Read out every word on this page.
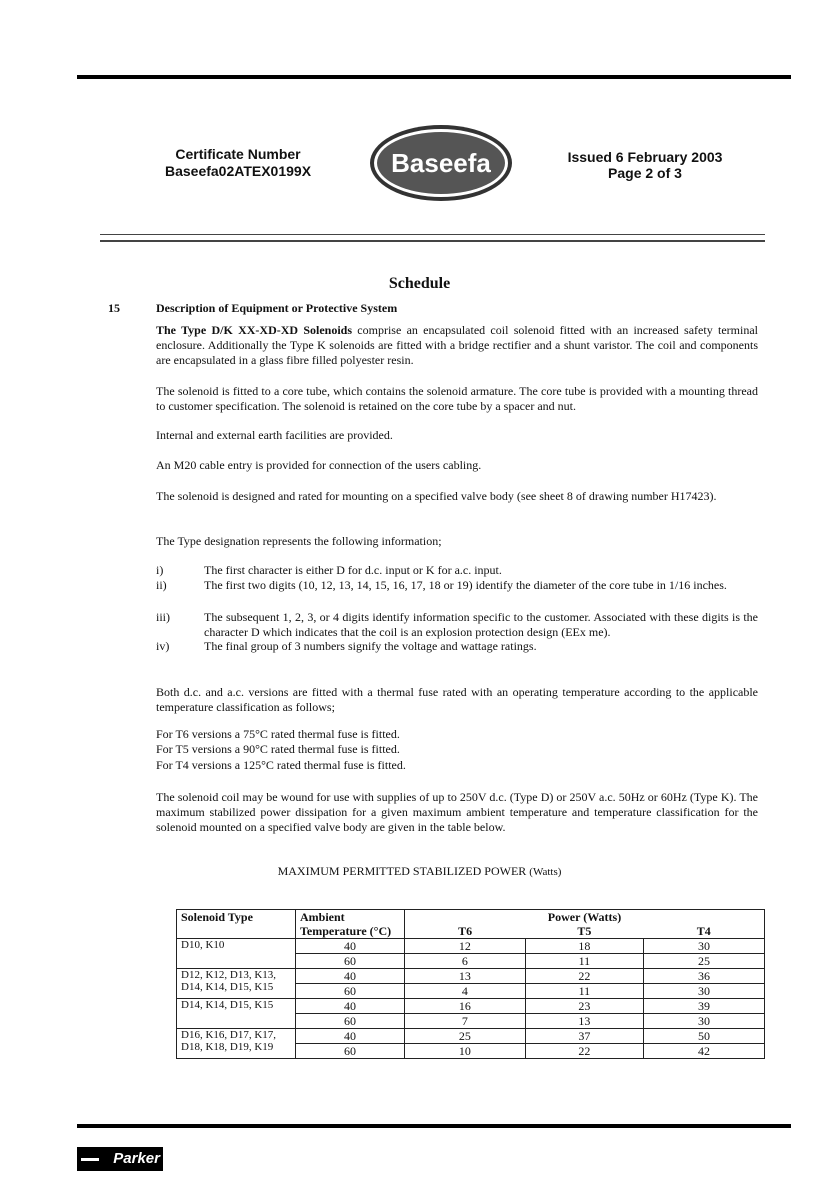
Certificate Number
Baseefa02ATEX0199X	Baseefa	Issued 6 February 2003
Page 2 of 3
Schedule
15	Description of Equipment or Protective System
The Type D/K XX-XD-XD Solenoids comprise an encapsulated coil solenoid fitted with an increased safety terminal enclosure. Additionally the Type K solenoids are fitted with a bridge rectifier and a shunt varistor. The coil and components are encapsulated in a glass fibre filled polyester resin.
The solenoid is fitted to a core tube, which contains the solenoid armature. The core tube is provided with a mounting thread to customer specification. The solenoid is retained on the core tube by a spacer and nut.
Internal and external earth facilities are provided.
An M20 cable entry is provided for connection of the users cabling.
The solenoid is designed and rated for mounting on a specified valve body (see sheet 8 of drawing number H17423).
The Type designation represents the following information;
i)	The first character is either D for d.c. input or K for a.c. input.
ii)	The first two digits (10, 12, 13, 14, 15, 16, 17, 18 or 19) identify the diameter of the core tube in 1/16 inches.
iii)	The subsequent 1, 2, 3, or 4 digits identify information specific to the customer. Associated with these digits is the character D which indicates that the coil is an explosion protection design (EEx me).
iv)	The final group of 3 numbers signify the voltage and wattage ratings.
Both d.c. and a.c. versions are fitted with a thermal fuse rated with an operating temperature according to the applicable temperature classification as follows;
For T6 versions a 75°C rated thermal fuse is fitted.
For T5 versions a 90°C rated thermal fuse is fitted.
For T4 versions a 125°C rated thermal fuse is fitted.
The solenoid coil may be wound for use with supplies of up to 250V d.c. (Type D) or 250V a.c. 50Hz or 60Hz (Type K). The maximum stabilized power dissipation for a given maximum ambient temperature and temperature classification for the solenoid mounted on a specified valve body are given in the table below.
MAXIMUM PERMITTED STABILIZED POWER (Watts)
Solenoid Type	Ambient	Power (Watts)		
	Temperature (°C)	T6	T5	T4
D10, K10	40	12	18	30
	60	6	11	25
D12, K12, D13, K13, D14, K14, D15, K15	40	13	22	36
	60	4	11	30
D14, K14, D15, K15	40	16	23	39
	60	7	13	30
D16, K16, D17, K17, D18, K18, D19, K19	40	25	37	50
	60	10	22	42
Parker
